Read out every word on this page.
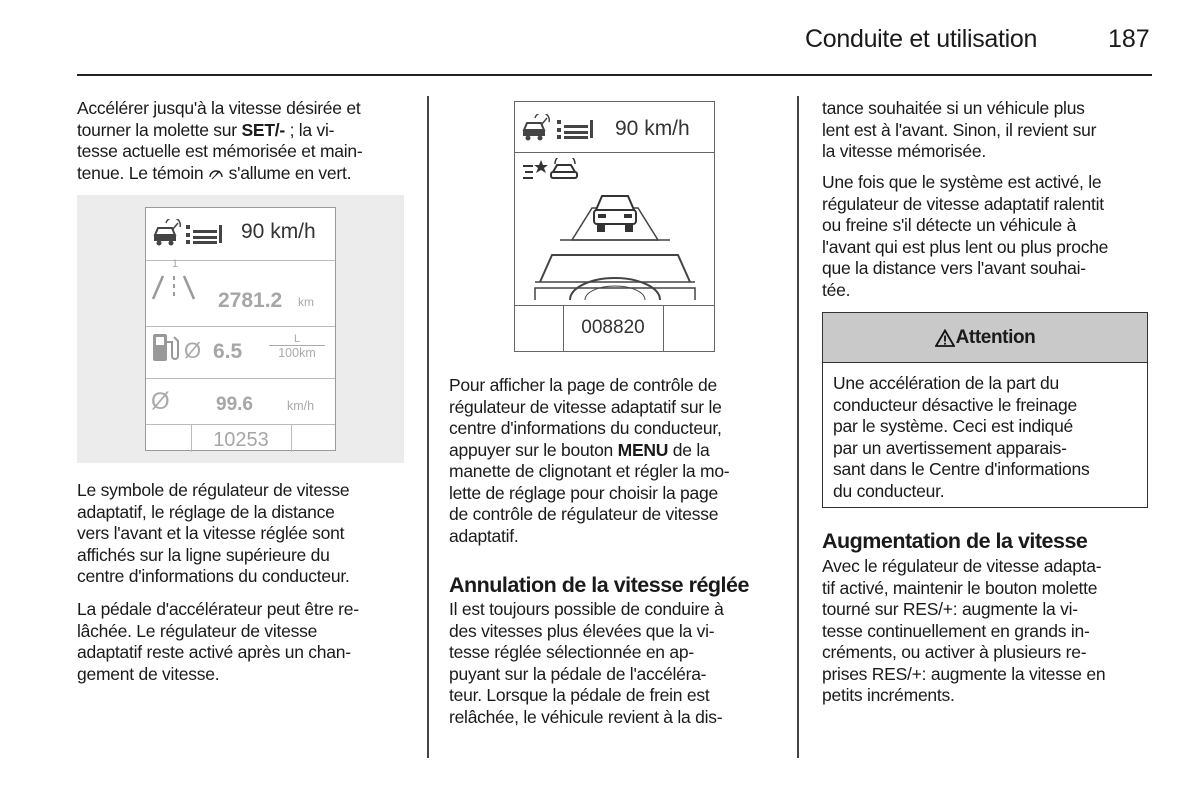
Conduite et utilisation	187

Accélérer jusqu'à la vitesse désirée et

tourner la molette sur SET/- ; la vi-

tesse actuelle est mémorisée et main-

tenue. Le témoin  s'allume en vert.

90 km/h
1
2781.2 km
Ø 6.5
L
100km
Ø 99.6	km/h
10253

Le symbole de régulateur de vitesse

adaptatif, le réglage de la distance

vers l'avant et la vitesse réglée sont

affichés sur la ligne supérieure du

centre d'informations du conducteur.

La pédale d'accélérateur peut être re-

lâchée. Le régulateur de vitesse

adaptatif reste activé après un chan-

gement de vitesse.

90 km/h
008820

Pour afficher la page de contrôle de

régulateur de vitesse adaptatif sur le

centre d'informations du conducteur,

appuyer sur le bouton MENU de la

manette de clignotant et régler la mo-

lette de réglage pour choisir la page

de contrôle de régulateur de vitesse

adaptatif.

Annulation de la vitesse réglée

Il est toujours possible de conduire à

des vitesses plus élevées que la vi-

tesse réglée sélectionnée en ap-

puyant sur la pédale de l'accéléra-

teur. Lorsque la pédale de frein est

relâchée, le véhicule revient à la dis-

tance souhaitée si un véhicule plus

lent est à l'avant. Sinon, il revient sur

la vitesse mémorisée.

Une fois que le système est activé, le

régulateur de vitesse adaptatif ralentit

ou freine s'il détecte un véhicule à

l'avant qui est plus lent ou plus proche

que la distance vers l'avant souhai-

tée.

Attention
Une accélération de la part du
conducteur désactive le freinage
par le système. Ceci est indiqué
par un avertissement apparais-
sant dans le Centre d'informations
du conducteur.
Augmentation de la vitesse

Avec le régulateur de vitesse adapta-

tif activé, maintenir le bouton molette

tourné sur RES/+: augmente la vi-

tesse continuellement en grands in-

créments, ou activer à plusieurs re-

prises RES/+: augmente la vitesse en

petits incréments.
